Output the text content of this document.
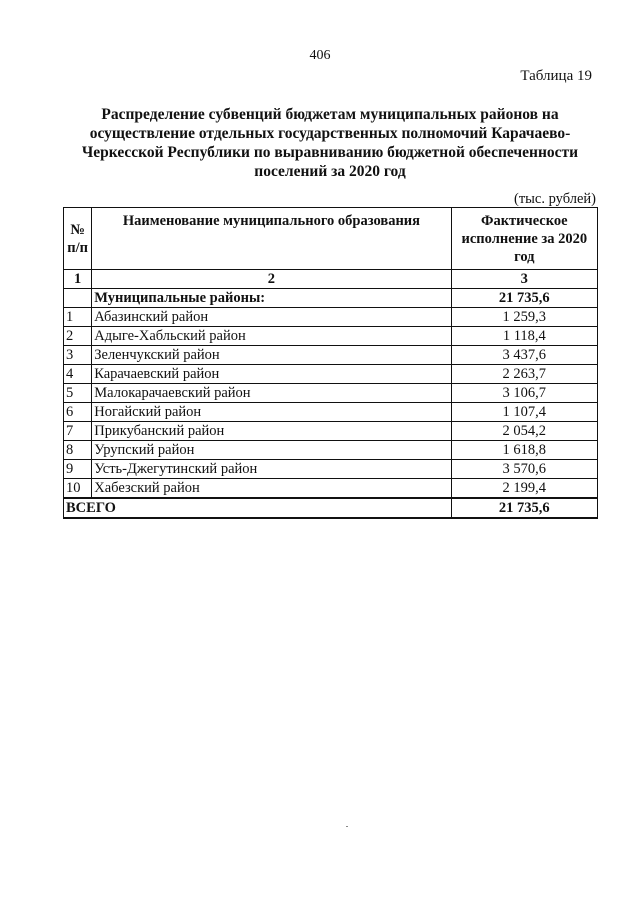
406
Таблица 19
Распределение субвенций бюджетам муниципальных районов на осуществление отдельных государственных полномочий Карачаево-Черкесской Республики по выравниванию бюджетной обеспеченности поселений за 2020 год
(тыс. рублей)
№ п/п	Наименование муниципального образования	Фактическое исполнение за 2020 год
1	2	3
	Муниципальные районы:	21 735,6
1	Абазинский район	1 259,3
2	Адыге-Хабльский район	1 118,4
3	Зеленчукский район	3 437,6
4	Карачаевский район	2 263,7
5	Малокарачаевский район	3 106,7
6	Ногайский район	1 107,4
7	Прикубанский район	2 054,2
8	Урупский район	1 618,8
9	Усть-Джегутинский район	3 570,6
10	Хабезский район	2 199,4
ВСЕГО		21 735,6
